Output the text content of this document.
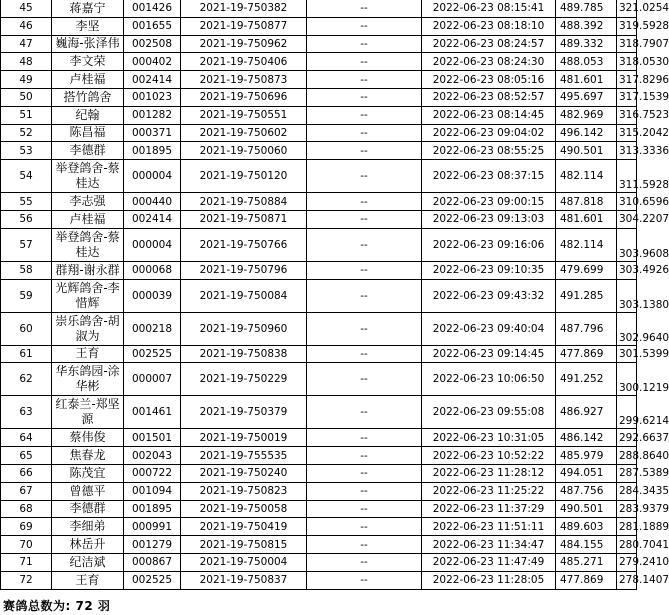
45	蒋嘉宁	001426	2021-19-750382	--	2022-06-23 08:15:41	489.785	321.0254
46	李坚	001655	2021-19-750877	--	2022-06-23 08:18:10	488.392	319.5928
47	巍海-张泽伟	002508	2021-19-750962	--	2022-06-23 08:24:57	489.332	318.7907
48	李文荣	000402	2021-19-750406	--	2022-06-23 08:24:30	488.053	318.0530
49	卢桂福	002414	2021-19-750873	--	2022-06-23 08:05:16	481.601	317.8296
50	搭竹鸽舍	001023	2021-19-750696	--	2022-06-23 08:52:57	495.697	317.1539
51	纪翰	001282	2021-19-750551	--	2022-06-23 08:14:45	482.969	316.7523
52	陈昌福	000371	2021-19-750602	--	2022-06-23 09:04:02	496.142	315.2042
53	李德群	001895	2021-19-750060	--	2022-06-23 08:55:25	490.501	313.3336
54	举登鸽舍-蔡桂达	000004	2021-19-750120	--	2022-06-23 08:37:15	482.114	311.5928
55	李志强	000440	2021-19-750884	--	2022-06-23 09:00:15	487.818	310.6596
56	卢桂福	002414	2021-19-750871	--	2022-06-23 09:13:03	481.601	304.2207
57	举登鸽舍-蔡桂达	000004	2021-19-750766	--	2022-06-23 09:16:06	482.114	303.9608
58	群翔-谢永群	000068	2021-19-750796	--	2022-06-23 09:10:35	479.699	303.4926
59	光辉鸽舍-李惜辉	000039	2021-19-750084	--	2022-06-23 09:43:32	491.285	303.1380
60	崇乐鸽舍-胡淑为	000218	2021-19-750960	--	2022-06-23 09:40:04	487.796	302.9640
61	王育	002525	2021-19-750838	--	2022-06-23 09:14:45	477.869	301.5399
62	华东鸽园-涂华彬	000007	2021-19-750229	--	2022-06-23 10:06:50	491.252	300.1219
63	红泰兰-郑坚源	001461	2021-19-750379	--	2022-06-23 09:55:08	486.927	299.6214
64	蔡伟俊	001501	2021-19-750019	--	2022-06-23 10:31:05	486.142	292.6637
65	焦春龙	002043	2021-19-755535	--	2022-06-23 10:52:22	485.979	288.8640
66	陈茂宜	000722	2021-19-750240	--	2022-06-23 11:28:12	494.051	287.5389
67	曾德平	001094	2021-19-750823	--	2022-06-23 11:25:22	487.756	284.3435
68	李德群	001895	2021-19-750058	--	2022-06-23 11:37:29	490.501	283.9379
69	李细弟	000991	2021-19-750419	--	2022-06-23 11:51:11	489.603	281.1889
70	林岳升	001279	2021-19-750815	--	2022-06-23 11:34:47	484.155	280.7041
71	纪洁斌	000867	2021-19-750004	--	2022-06-23 11:47:49	485.271	279.2410
72	王育	002525	2021-19-750837	--	2022-06-23 11:28:05	477.869	278.1407
赛鸽总数为: 72 羽
